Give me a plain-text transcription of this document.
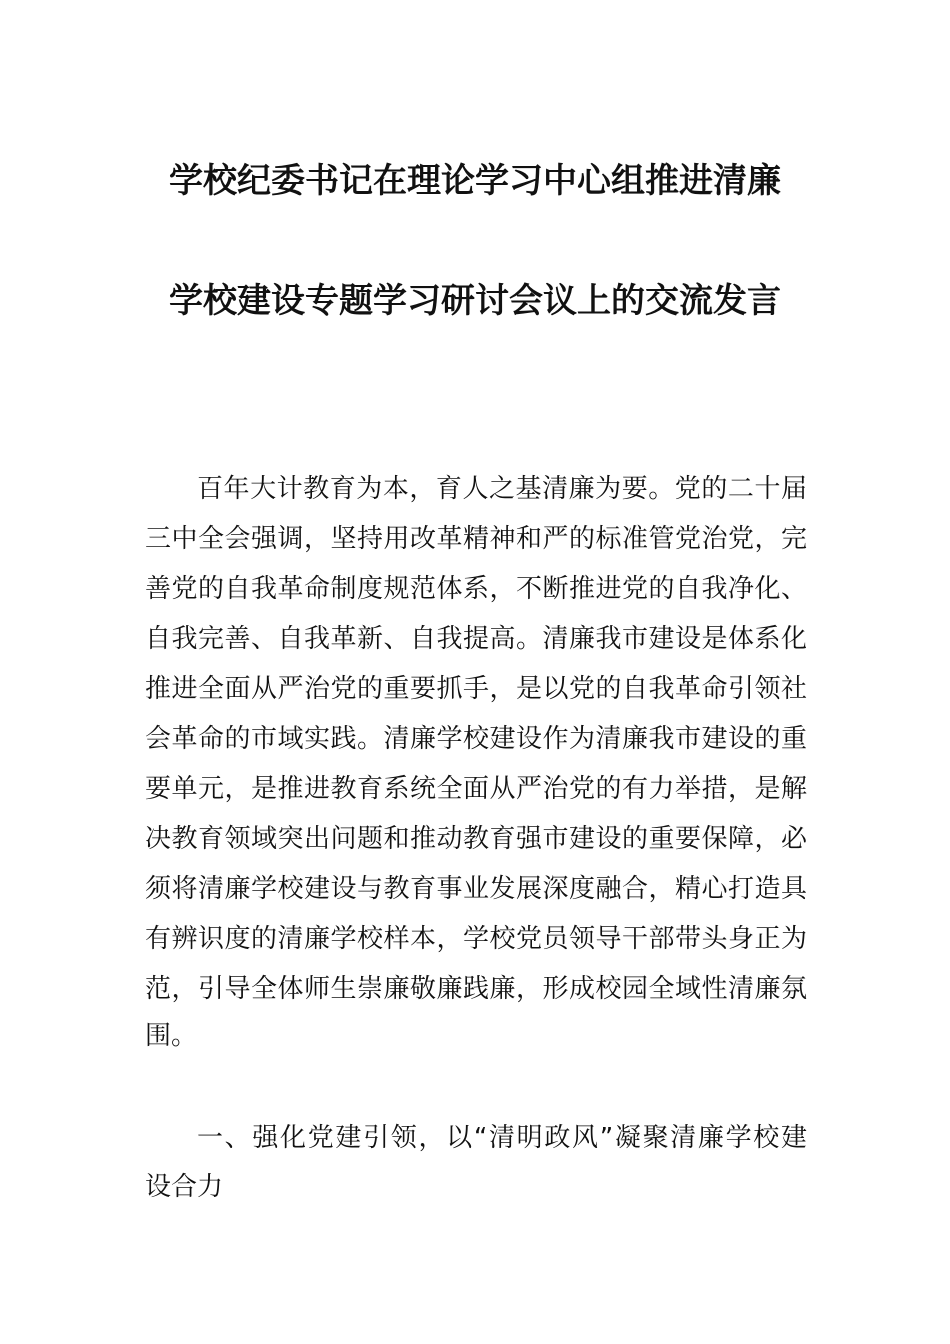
学校纪委书记在理论学习中心组推进清廉
学校建设专题学习研讨会议上的交流发言
百年大计教育为本，育人之基清廉为要。党的二十届
三中全会强调，坚持用改革精神和严的标准管党治党，完
善党的自我革命制度规范体系，不断推进党的自我净化、
自我完善、自我革新、自我提高。清廉我市建设是体系化
推进全面从严治党的重要抓手，是以党的自我革命引领社
会革命的市域实践。清廉学校建设作为清廉我市建设的重
要单元，是推进教育系统全面从严治党的有力举措，是解
决教育领域突出问题和推动教育强市建设的重要保障，必
须将清廉学校建设与教育事业发展深度融合，精心打造具
有辨识度的清廉学校样本，学校党员领导干部带头身正为
范，引导全体师生崇廉敬廉践廉，形成校园全域性清廉氛
围。
一、强化党建引领，以“清明政风”凝聚清廉学校建
设合力
